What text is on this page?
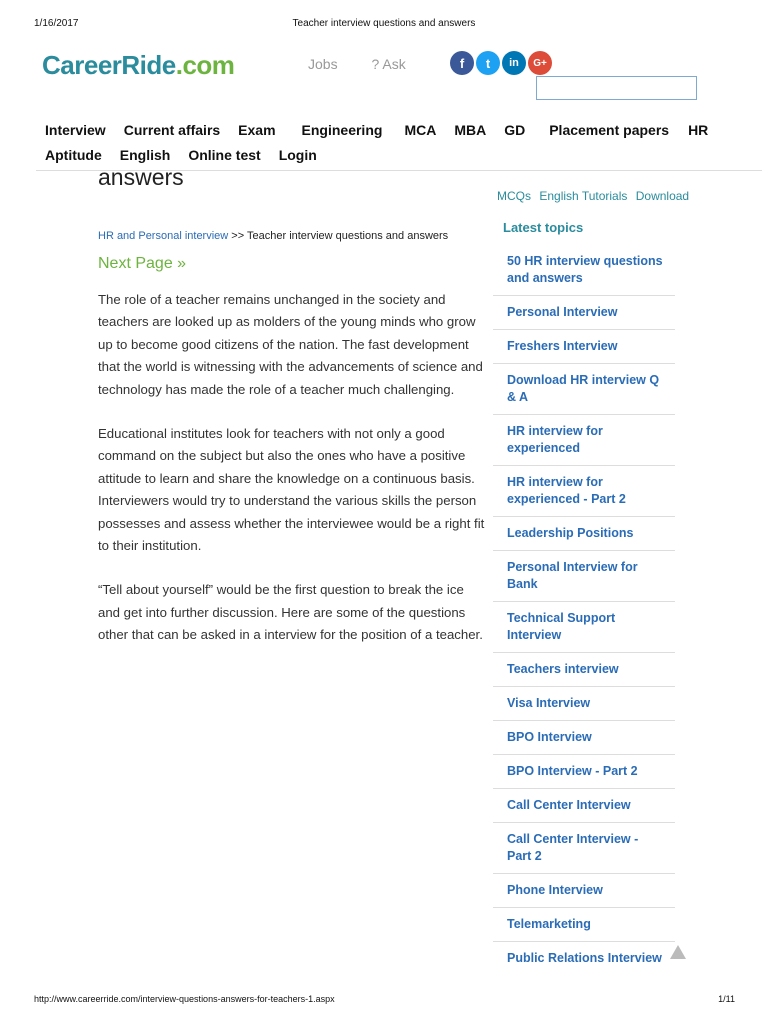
1/16/2017	Teacher interview questions and answers
CareerRide.com	Jobs ? Ask	f	t	in	G+
Interview Current affairs Exam Engineering MCA MBA GD Placement papers HR
Aptitude English Online test Login
answers
HR and Personal interview >> Teacher interview questions and answers
Next Page »

The role of a teacher remains unchanged in the society and teachers are looked up as molders of the young minds who grow up to become good citizens of the nation. The fast development that the world is witnessing with the advancements of science and technology has made the role of a teacher much challenging.

Educational institutes look for teachers with not only a good command on the subject but also the ones who have a positive attitude to learn and share the knowledge on a continuous basis. Interviewers would try to understand the various skills the person possesses and assess whether the interviewee would be a right fit to their institution.

“Tell about yourself” would be the first question to break the ice and get into further discussion. Here are some of the questions other that can be asked in a interview for the position of a teacher.

MCQs English Tutorials Download
Latest topics
50 HR interview questions and answers
Personal Interview
Freshers Interview
Download HR interview Q & A
HR interview for experienced
HR interview for experienced - Part 2
Leadership Positions
Personal Interview for Bank
Technical Support Interview
Teachers interview
Visa Interview
BPO Interview
BPO Interview - Part 2
Call Center Interview
Call Center Interview - Part 2
Phone Interview
Telemarketing
Public Relations Interview
http://www.careerride.com/interview-questions-answers-for-teachers-1.aspx	1/11
